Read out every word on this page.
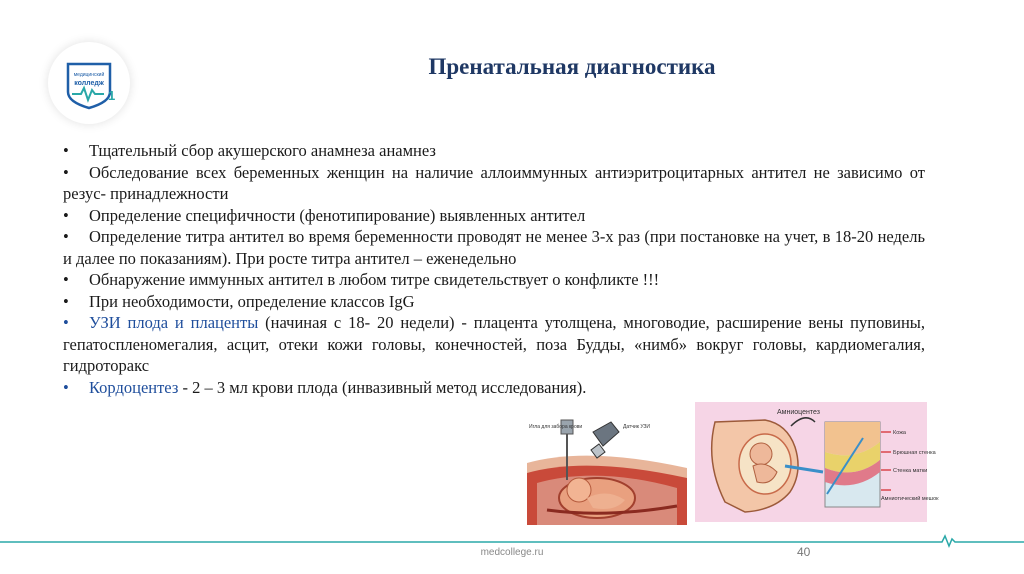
медицинский
колледж
1
Пренатальная диагностика
• Тщательный сбор акушерского анамнеза анамнез
• Обследование всех беременных женщин на наличие аллоиммунных антиэритроцитарных антител не зависимо от резус- принадлежности
• Определение специфичности (фенотипирование) выявленных антител
• Определение титра антител во время беременности проводят не менее 3-х раз (при постановке на учет, в 18-20 недель и далее по показаниям). При росте титра антител – еженедельно
• Обнаружение иммунных антител в любом титре свидетельствует о конфликте !!!
• При необходимости, определение классов IgG
• УЗИ плода и плаценты (начиная с 18- 20 недели) - плацента утолщена, многоводие, расширение вены пуповины, гепатоспленомегалия, асцит, отеки кожи головы, конечностей, поза Будды, «нимб» вокруг головы, кардиомегалия, гидроторакс
• Кордоцентез - 2 – 3 мл крови плода (инвазивный метод исследования).
Игла для забора крови	Датчик УЗИ
Амниоцентез
Кожа
Брюшная стенка
Стенка матки
Амниотический мешок
medcollege.ru	40
